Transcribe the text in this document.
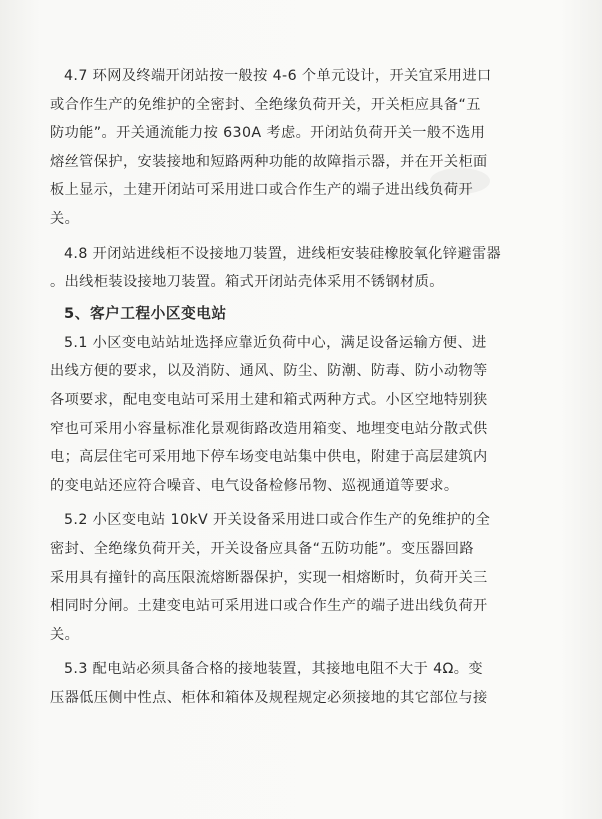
4.7 环网及终端开闭站按一般按 4-6 个单元设计，开关宜采用进口
或合作生产的免维护的全密封、全绝缘负荷开关，开关柜应具备“五
防功能”。开关通流能力按 630A 考虑。开闭站负荷开关一般不选用
熔丝管保护，安装接地和短路两种功能的故障指示器，并在开关柜面
板上显示，土建开闭站可采用进口或合作生产的端子进出线负荷开
关。
4.8 开闭站进线柜不设接地刀装置，进线柜安装硅橡胶氧化锌避雷器
。出线柜装设接地刀装置。箱式开闭站壳体采用不锈钢材质。
5、客户工程小区变电站
5.1 小区变电站站址选择应靠近负荷中心，满足设备运输方便、进
出线方便的要求，以及消防、通风、防尘、防潮、防毒、防小动物等
各项要求，配电变电站可采用土建和箱式两种方式。小区空地特别狭
窄也可采用小容量标准化景观街路改造用箱变、地埋变电站分散式供
电；高层住宅可采用地下停车场变电站集中供电，附建于高层建筑内
的变电站还应符合噪音、电气设备检修吊物、巡视通道等要求。
5.2 小区变电站 10kV 开关设备采用进口或合作生产的免维护的全
密封、全绝缘负荷开关，开关设备应具备“五防功能”。变压器回路
采用具有撞针的高压限流熔断器保护，实现一相熔断时，负荷开关三
相同时分闸。土建变电站可采用进口或合作生产的端子进出线负荷开
关。
5.3 配电站必须具备合格的接地装置，其接地电阻不大于 4Ω。变
压器低压侧中性点、柜体和箱体及规程规定必须接地的其它部位与接
